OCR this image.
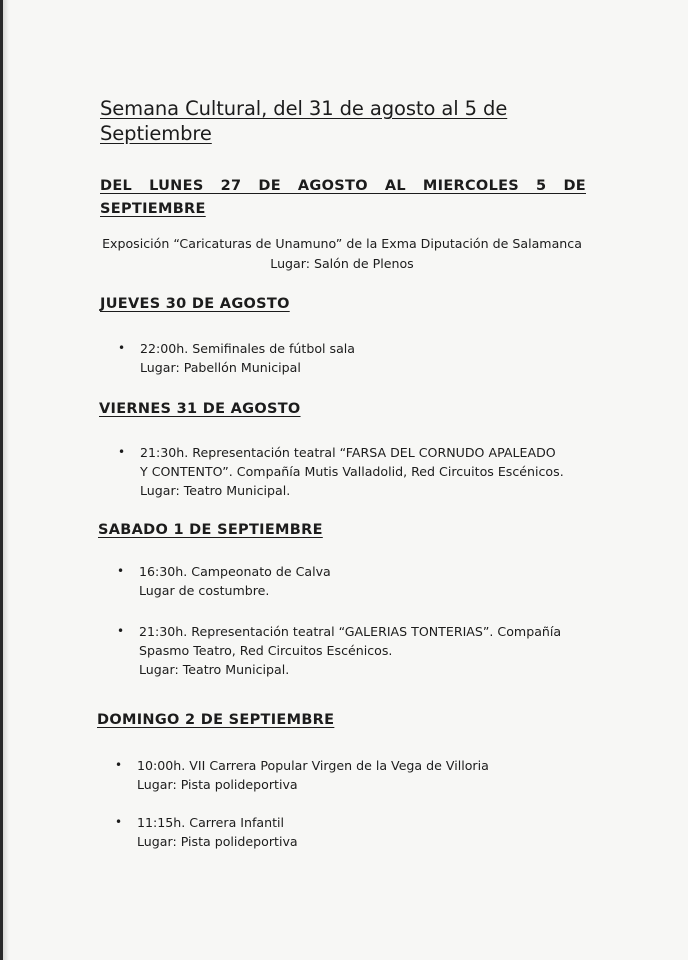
Semana Cultural, del 31 de agosto al 5 de Septiembre
DEL LUNES 27 DE AGOSTO AL MIERCOLES 5 DE SEPTIEMBRE
Exposición “Caricaturas de Unamuno” de la Exma Diputación de Salamanca
Lugar: Salón de Plenos
JUEVES 30 DE AGOSTO
• 22:00h. Semifinales de fútbol sala
Lugar: Pabellón Municipal
VIERNES 31 DE AGOSTO
• 21:30h. Representación teatral “FARSA DEL CORNUDO APALEADO
Y CONTENTO”. Compañía Mutis Valladolid, Red Circuitos Escénicos.
Lugar: Teatro Municipal.
SABADO 1 DE SEPTIEMBRE
• 16:30h. Campeonato de Calva
Lugar de costumbre.
• 21:30h. Representación teatral “GALERIAS TONTERIAS”. Compañía
Spasmo Teatro, Red Circuitos Escénicos.
Lugar: Teatro Municipal.
DOMINGO 2 DE SEPTIEMBRE
• 10:00h. VII Carrera Popular Virgen de la Vega de Villoria
Lugar: Pista polideportiva
• 11:15h. Carrera Infantil
Lugar: Pista polideportiva
